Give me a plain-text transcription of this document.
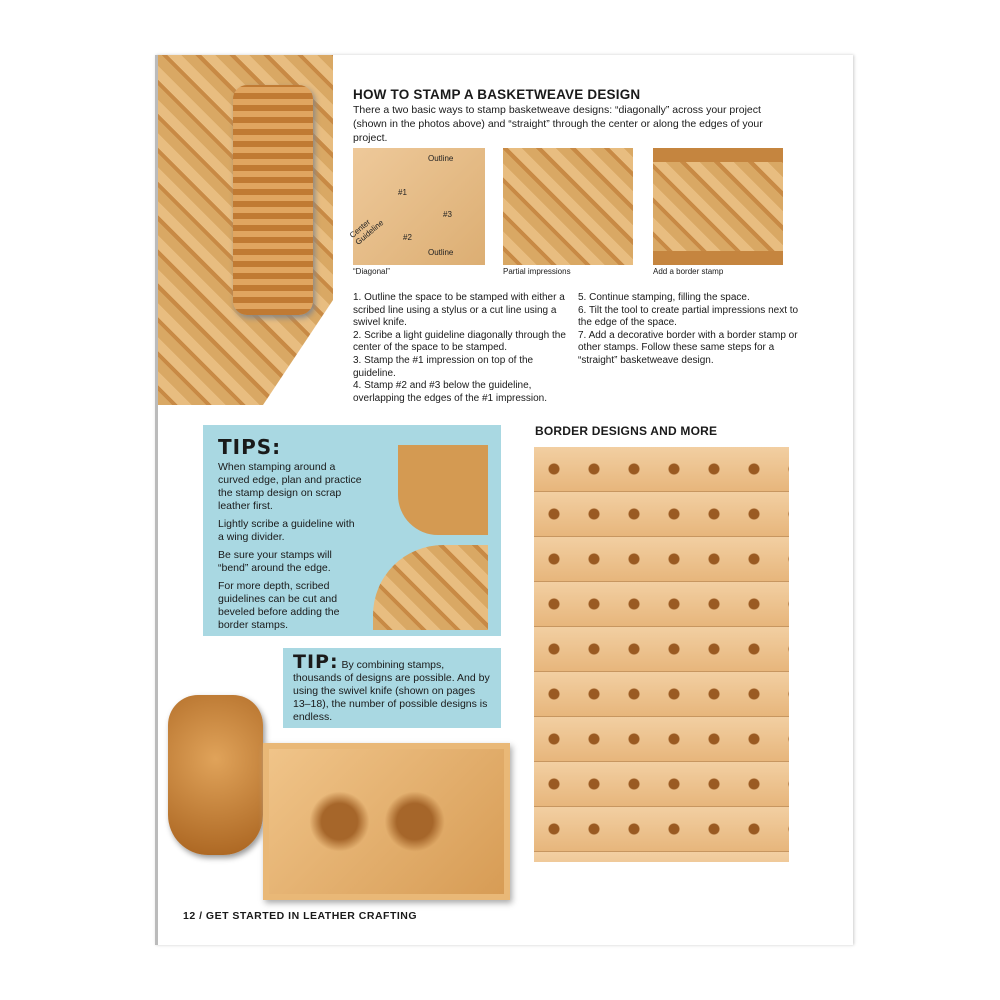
HOW TO STAMP A BASKETWEAVE DESIGN
There a two basic ways to stamp basketweave designs: “diagonally” across your project (shown in the photos above) and “straight” through the center or along the edges of your project.
Outline
#1
#2
#3
Center Guideline
Outline
“Diagonal”	Partial impressions	Add a border stamp
1. Outline the space to be stamped with either a scribed line using a stylus or a cut line using a swivel knife.
2. Scribe a light guideline diagonally through the center of the space to be stamped.
3. Stamp the #1 impression on top of the guideline.
4. Stamp #2 and #3 below the guideline, overlapping the edges of the #1 impression.
5. Continue stamping, filling the space.
6. Tilt the tool to create partial impressions next to the edge of the space.
7. Add a decorative border with a border stamp or other stamps. Follow these same steps for a “straight” basketweave design.
TIPS:

When stamping around a curved edge, plan and practice the stamp design on scrap leather first.

Lightly scribe a guideline with a wing divider.

Be sure your stamps will “bend” around the edge.

For more depth, scribed guidelines can be cut and beveled before adding the border stamps.

TIP: By combining stamps, thousands of designs are possible. And by using the swivel knife (shown on pages 13–18), the number of possible designs is endless.
BORDER DESIGNS AND MORE
12 / GET STARTED IN LEATHER CRAFTING
